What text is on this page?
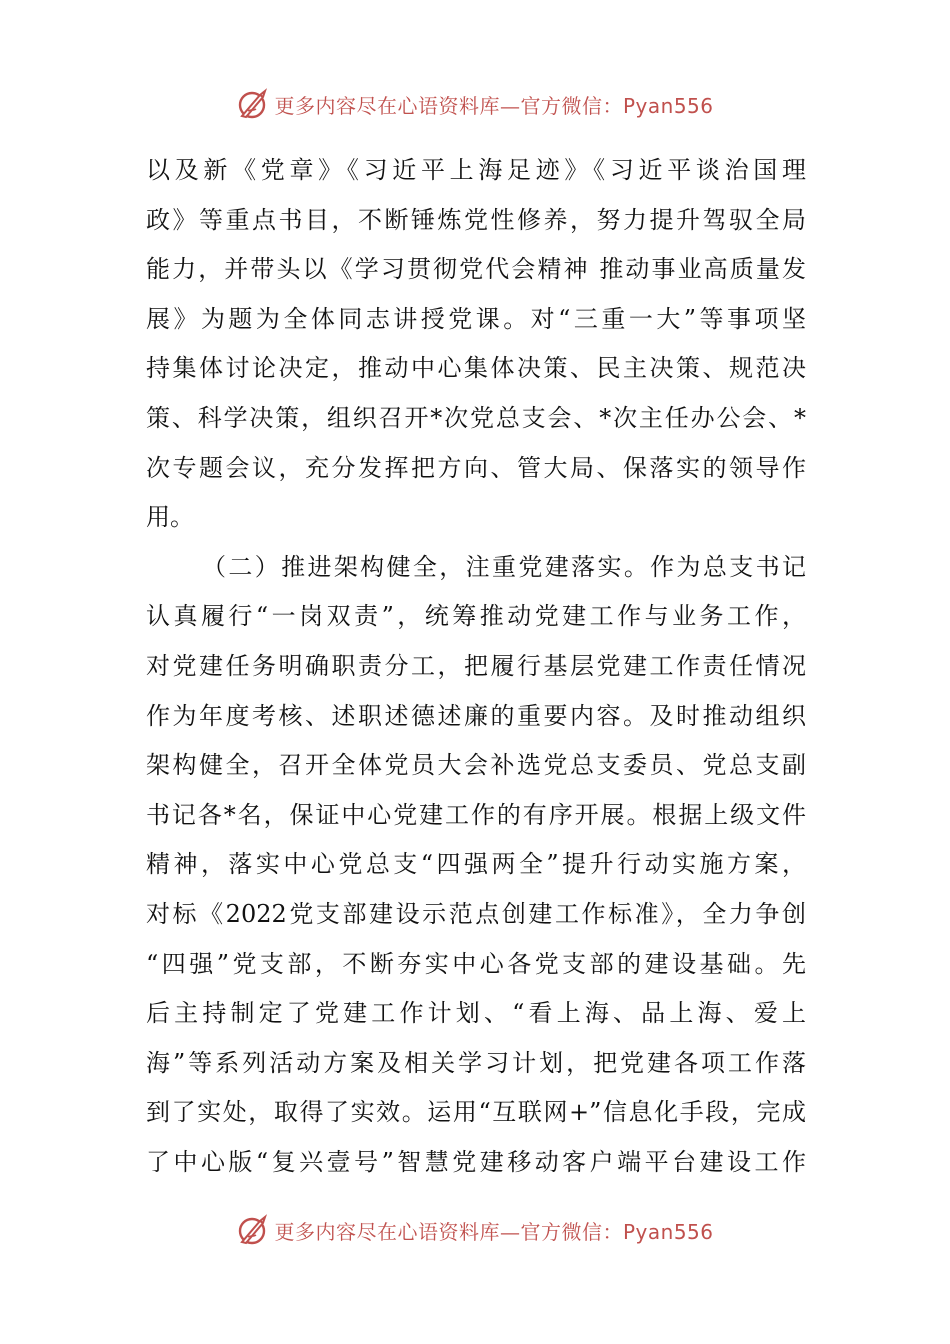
更多内容尽在心语资料库—官方微信：Pyan556
以及新《党章》《习近平上海足迹》《习近平谈治国理
政》等重点书目，不断锤炼党性修养，努力提升驾驭全局
能力，并带头以《学习贯彻党代会精神 推动事业高质量发
展》为题为全体同志讲授党课。对“三重一大”等事项坚
持集体讨论决定，推动中心集体决策、民主决策、规范决
策、科学决策，组织召开*次党总支会、*次主任办公会、*
次专题会议，充分发挥把方向、管大局、保落实的领导作
用。
（二）推进架构健全，注重党建落实。作为总支书记
认真履行“一岗双责”，统筹推动党建工作与业务工作，
对党建任务明确职责分工，把履行基层党建工作责任情况
作为年度考核、述职述德述廉的重要内容。及时推动组织
架构健全，召开全体党员大会补选党总支委员、党总支副
书记各*名，保证中心党建工作的有序开展。根据上级文件
精神，落实中心党总支“四强两全”提升行动实施方案，
对标《2022党支部建设示范点创建工作标准》，全力争创
“四强”党支部，不断夯实中心各党支部的建设基础。先
后主持制定了党建工作计划、“看上海、品上海、爱上
海”等系列活动方案及相关学习计划，把党建各项工作落
到了实处，取得了实效。运用“互联网+”信息化手段，完成
了中心版“复兴壹号”智慧党建移动客户端平台建设工作
更多内容尽在心语资料库—官方微信：Pyan556
